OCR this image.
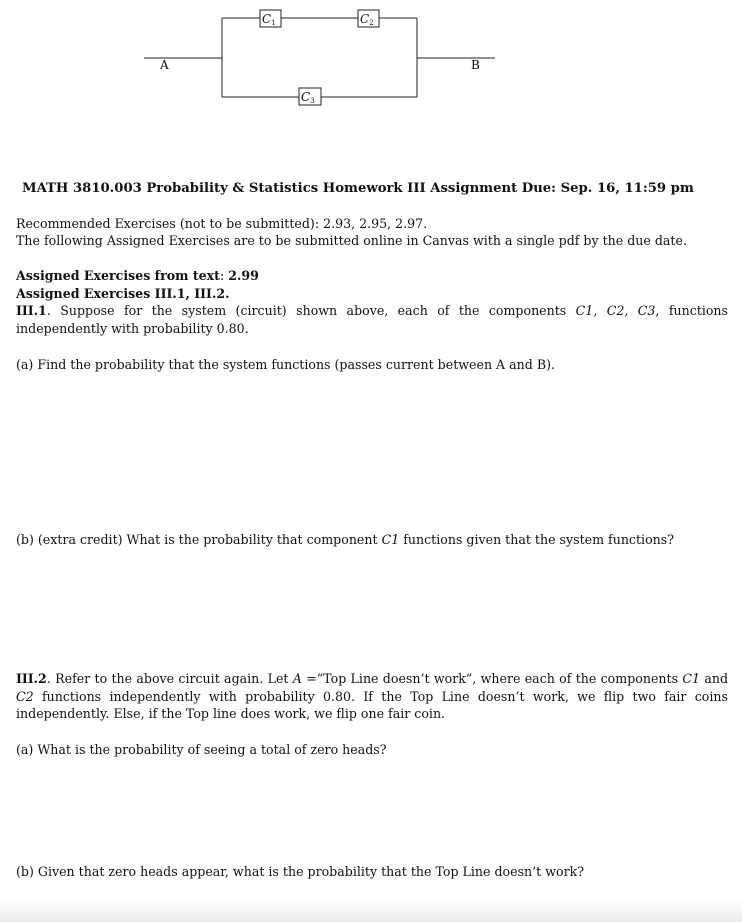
C1	C2
C3
A	B
MATH 3810.003 Probability & Statistics Homework III Assignment Due: Sep. 16, 11:59 pm
Recommended Exercises (not to be submitted): 2.93, 2.95, 2.97.
The following Assigned Exercises are to be submitted online in Canvas with a single pdf by the due date.
Assigned Exercises from text: 2.99
Assigned Exercises III.1, III.2.
III.1. Suppose for the system (circuit) shown above, each of the components C1, C2, C3, functions independently with probability 0.80.
(a) Find the probability that the system functions (passes current between A and B).
(b) (extra credit) What is the probability that component C1 functions given that the system functions?
III.2. Refer to the above circuit again. Let A =“Top Line doesn’t work”, where each of the components C1 and C2 functions independently with probability 0.80. If the Top Line doesn’t work, we flip two fair coins independently. Else, if the Top line does work, we flip one fair coin.
(a) What is the probability of seeing a total of zero heads?
(b) Given that zero heads appear, what is the probability that the Top Line doesn’t work?
